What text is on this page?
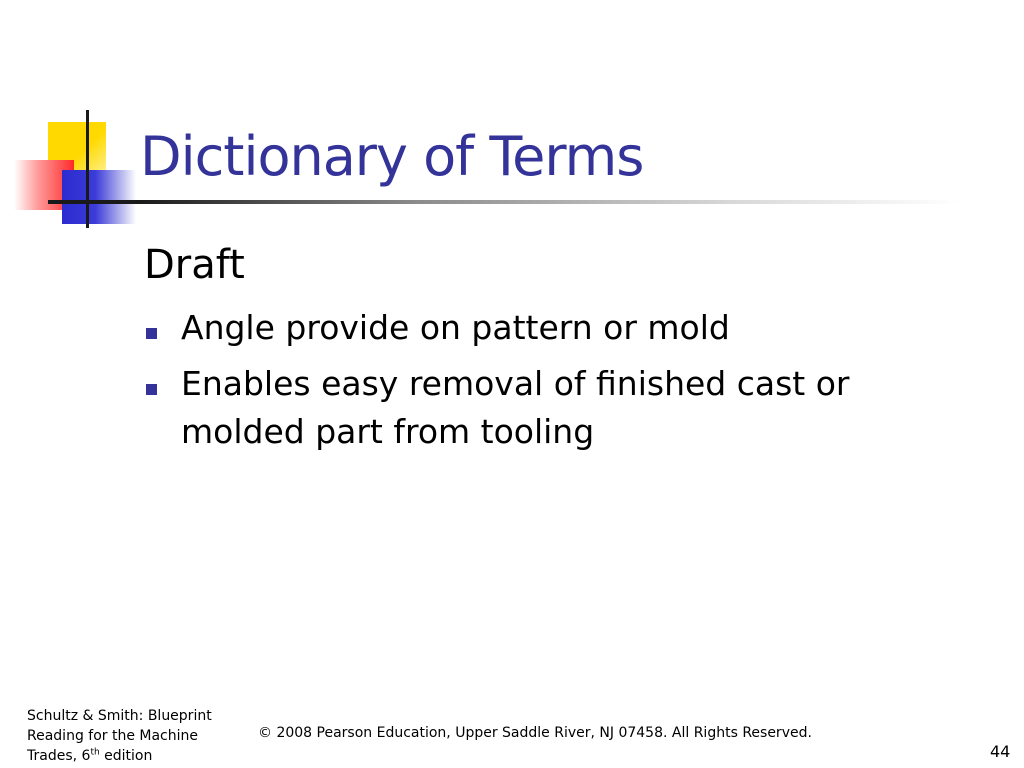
Dictionary of Terms
Draft
Angle provide on pattern or mold
Enables easy removal of finished cast or molded part from tooling
Schultz & Smith: Blueprint
Reading for the Machine
Trades, 6th edition
© 2008 Pearson Education, Upper Saddle River, NJ 07458. All Rights Reserved.
44
